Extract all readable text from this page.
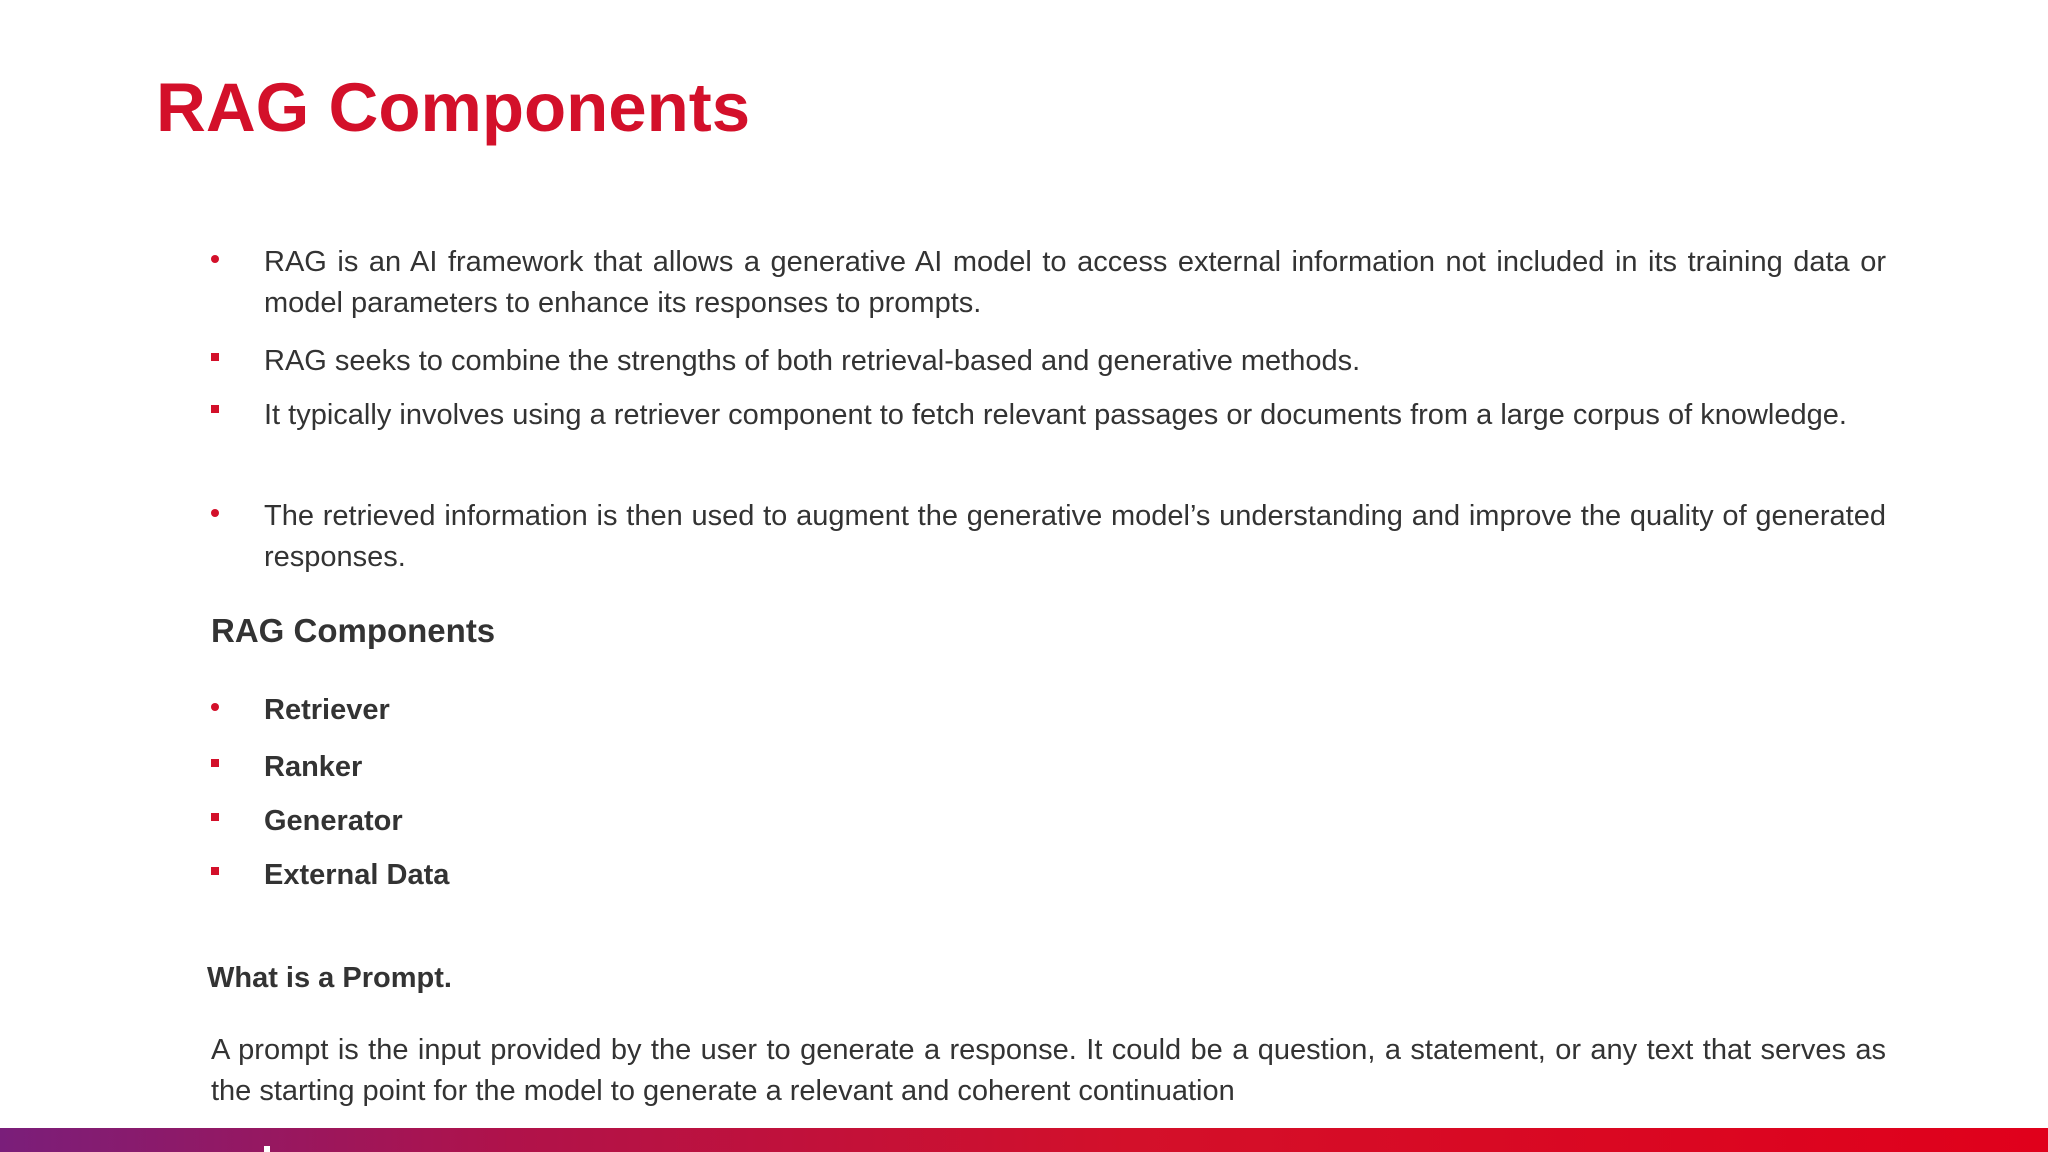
RAG Components
RAG is an AI framework that allows a generative AI model to access external information not included in its training data or model parameters to enhance its responses to prompts.
RAG seeks to combine the strengths of both retrieval-based and generative methods.
It typically involves using a retriever component to fetch relevant passages or documents from a large corpus of knowledge.
The retrieved information is then used to augment the generative model’s understanding and improve the quality of generated responses.
RAG Components
Retriever
Ranker
Generator
External Data
What is a Prompt.

A prompt is the input provided by the user to generate a response. It could be a question, a statement, or any text that serves as the starting point for the model to generate a relevant and coherent continuation
